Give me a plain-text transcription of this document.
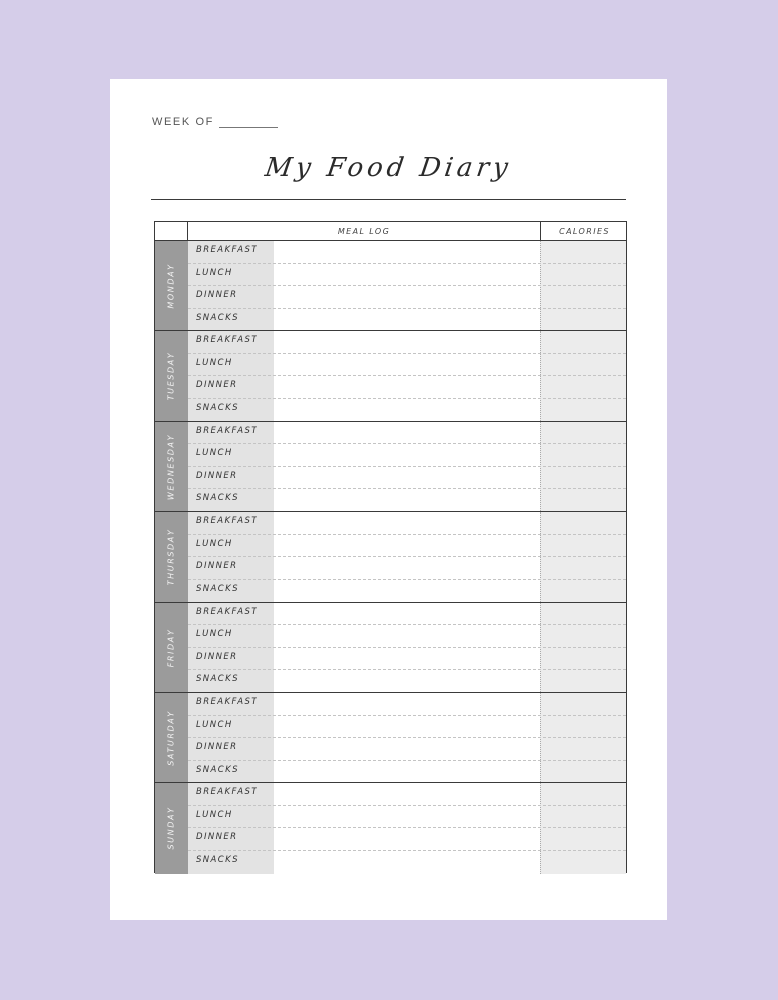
WEEK OF
My Food Diary
MEAL LOG	CALORIES
MONDAY
BREAKFAST
LUNCH
DINNER
SNACKS
TUESDAY
BREAKFAST
LUNCH
DINNER
SNACKS
WEDNESDAY
BREAKFAST
LUNCH
DINNER
SNACKS
THURSDAY
BREAKFAST
LUNCH
DINNER
SNACKS
FRIDAY
BREAKFAST
LUNCH
DINNER
SNACKS
SATURDAY
BREAKFAST
LUNCH
DINNER
SNACKS
SUNDAY
BREAKFAST
LUNCH
DINNER
SNACKS
